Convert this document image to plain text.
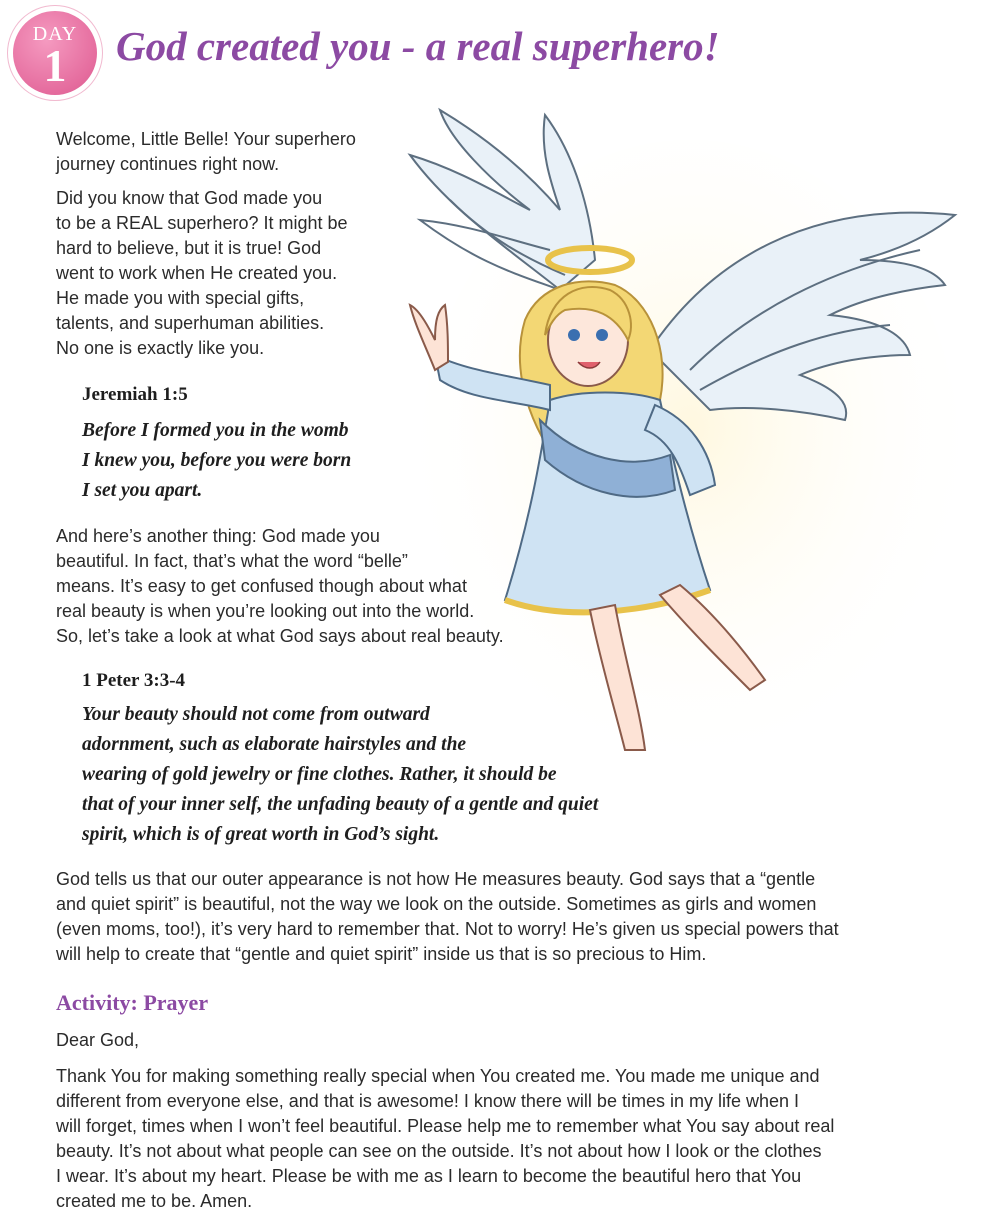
DAY
1	God created you - a real superhero!

Welcome, Little Belle! Your superhero
journey continues right now.

Did you know that God made you
to be a REAL superhero? It might be
hard to believe, but it is true! God
went to work when He created you.
He made you with special gifts,
talents, and superhuman abilities.
No one is exactly like you.

Jeremiah 1:5

Before I formed you in the womb
I knew you, before you were born
I set you apart.

And here’s another thing: God made you
beautiful. In fact, that’s what the word “belle”
means. It’s easy to get confused though about what
real beauty is when you’re looking out into the world.
So, let’s take a look at what God says about real beauty.

1 Peter 3:3-4

Your beauty should not come from outward
adornment, such as elaborate hairstyles and the
wearing of gold jewelry or fine clothes. Rather, it should be
that of your inner self, the unfading beauty of a gentle and quiet
spirit, which is of great worth in God’s sight.

God tells us that our outer appearance is not how He measures beauty. God says that a “gentle
and quiet spirit” is beautiful, not the way we look on the outside. Sometimes as girls and women
(even moms, too!), it’s very hard to remember that. Not to worry! He’s given us special powers that
will help to create that “gentle and quiet spirit” inside us that is so precious to Him.

Activity: Prayer

Dear God,

Thank You for making something really special when You created me. You made me unique and
different from everyone else, and that is awesome! I know there will be times in my life when I
will forget, times when I won’t feel beautiful. Please help me to remember what You say about real
beauty. It’s not about what people can see on the outside. It’s not about how I look or the clothes
I wear. It’s about my heart. Please be with me as I learn to become the beautiful hero that You
created me to be. Amen.
